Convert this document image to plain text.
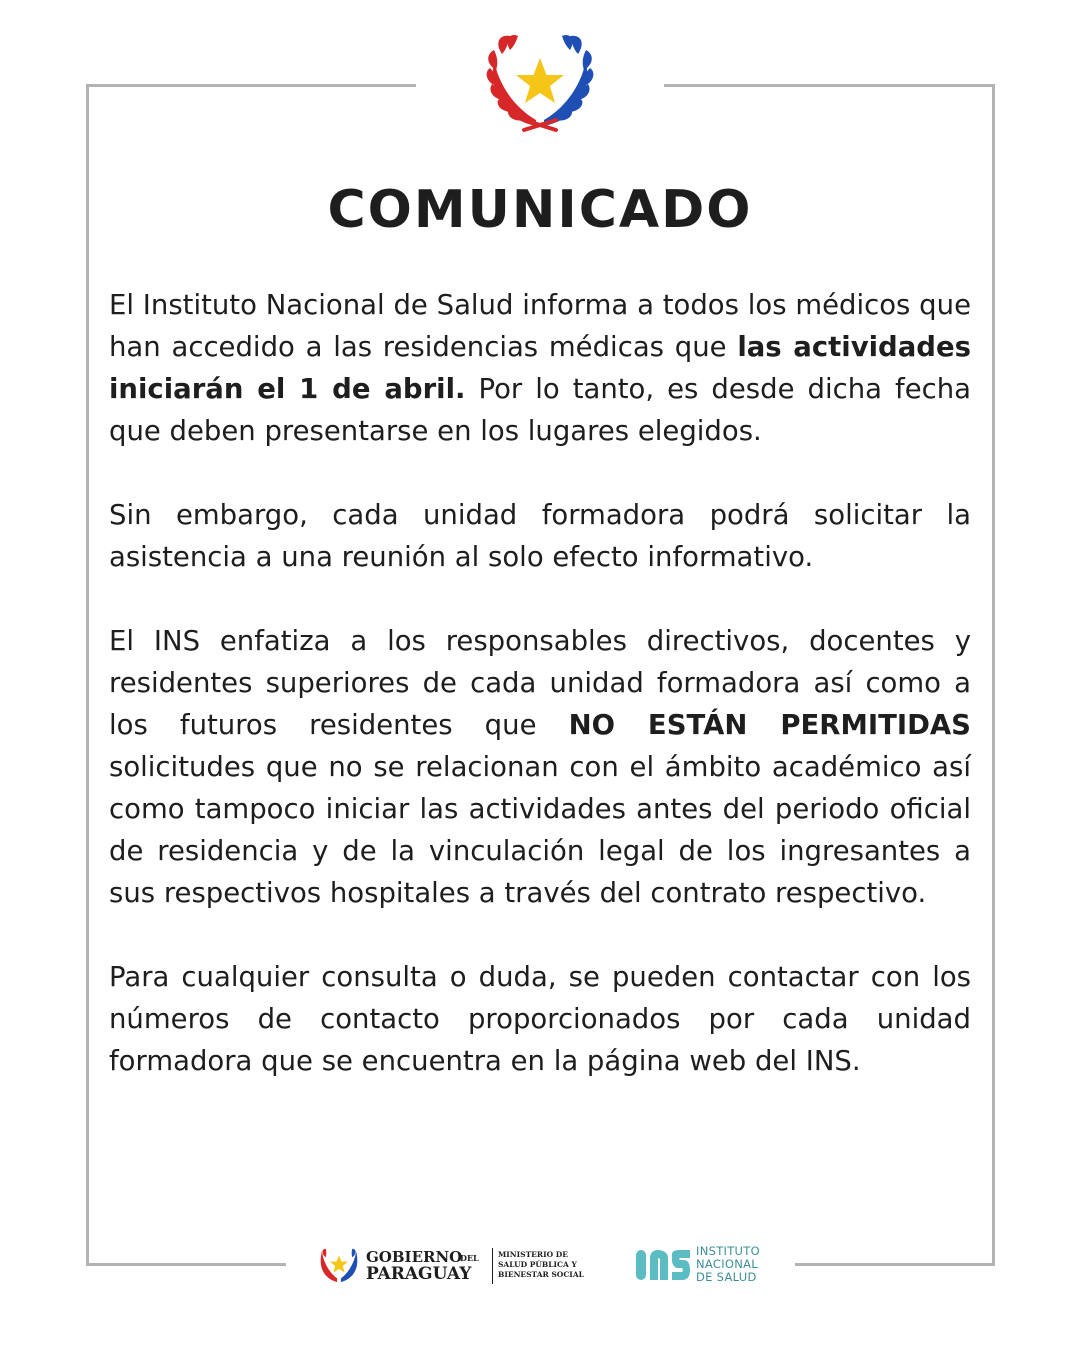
COMUNICADO

El Instituto Nacional de Salud informa a todos los médicos que han accedido a las residencias médicas que las actividades iniciarán el 1 de abril. Por lo tanto, es desde dicha fecha que deben presentarse en los lugares elegidos.

Sin embargo, cada unidad formadora podrá solicitar la asistencia a una reunión al solo efecto informativo.

El INS enfatiza a los responsables directivos, docentes y residentes superiores de cada unidad formadora así como a los futuros residentes que NO ESTÁN PERMITIDAS solicitudes que no se relacionan con el ámbito académico así como tampoco iniciar las actividades antes del periodo oficial de residencia y de la vinculación legal de los ingresantes a sus respectivos hospitales a través del contrato respectivo.

Para cualquier consulta o duda, se pueden contactar con los números de contacto proporcionados por cada unidad formadora que se encuentra en la página web del INS.

GOBIERNO
DEL
PARAGUAY
MINISTERIO DE
SALUD PÚBLICA Y
BIENESTAR SOCIAL
INSTITUTO
NACIONAL
DE SALUD
